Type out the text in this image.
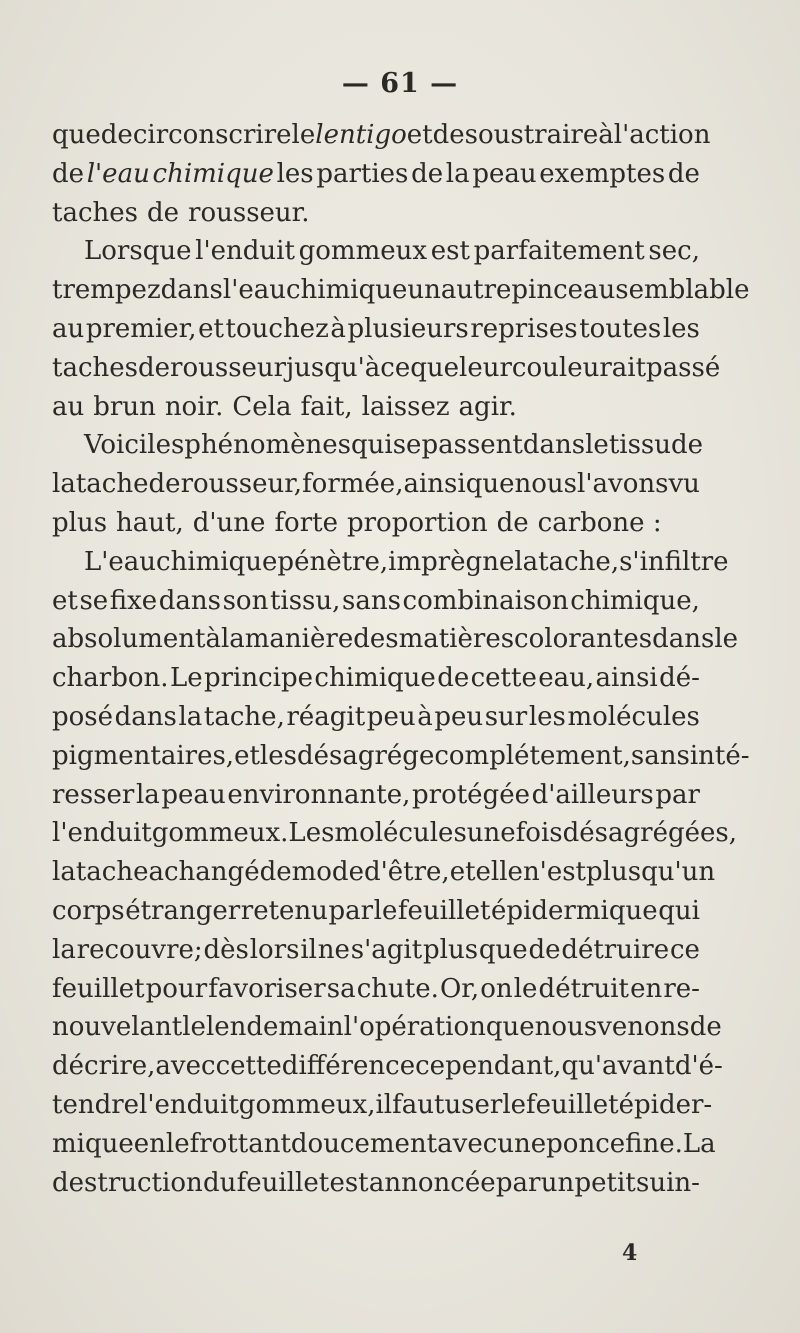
— 61 —
que de circonscrire le lentigo et de soustraire à l'action
de l'eau chimique les parties de la peau exemptes de
taches de rousseur.
Lorsque l'enduit gommeux est parfaitement sec,
trempez dans l'eau chimique un autre pinceau semblable
au premier, et touchez à plusieurs reprises toutes les
taches de rousseur jusqu'à ce que leur couleur ait passé
au brun noir. Cela fait, laissez agir.
Voici les phénomènes qui se passent dans le tissu de
la tache de rousseur, formée, ainsi que nous l'avons vu
plus haut, d'une forte proportion de carbone :
L'eau chimique pénètre, imprègne la tache, s'infiltre
et se fixe dans son tissu, sans combinaison chimique,
absolument à la manière des matières colorantes dans le
charbon. Le principe chimique de cette eau, ainsi dé-
posé dans la tache, réagit peu à peu sur les molécules
pigmentaires, et les désagrége complétement, sans inté-
resser la peau environnante, protégée d'ailleurs par
l'enduit gommeux. Les molécules une fois désagrégées,
la tache a changé de mode d'être, et elle n'est plus qu'un
corps étranger retenu par le feuillet épidermique qui
la recouvre; dès lors il ne s'agit plus que de détruire ce
feuillet pour favoriser sa chute. Or, on le détruit en re-
nouvelant le lendemain l'opération que nous venons de
décrire, avec cette différence cependant, qu'avant d'é-
tendre l'enduit gommeux, il faut user le feuillet épider-
mique en le frottant doucement avec une ponce fine. La
destruction du feuillet est annoncée par un petit suin-
4
